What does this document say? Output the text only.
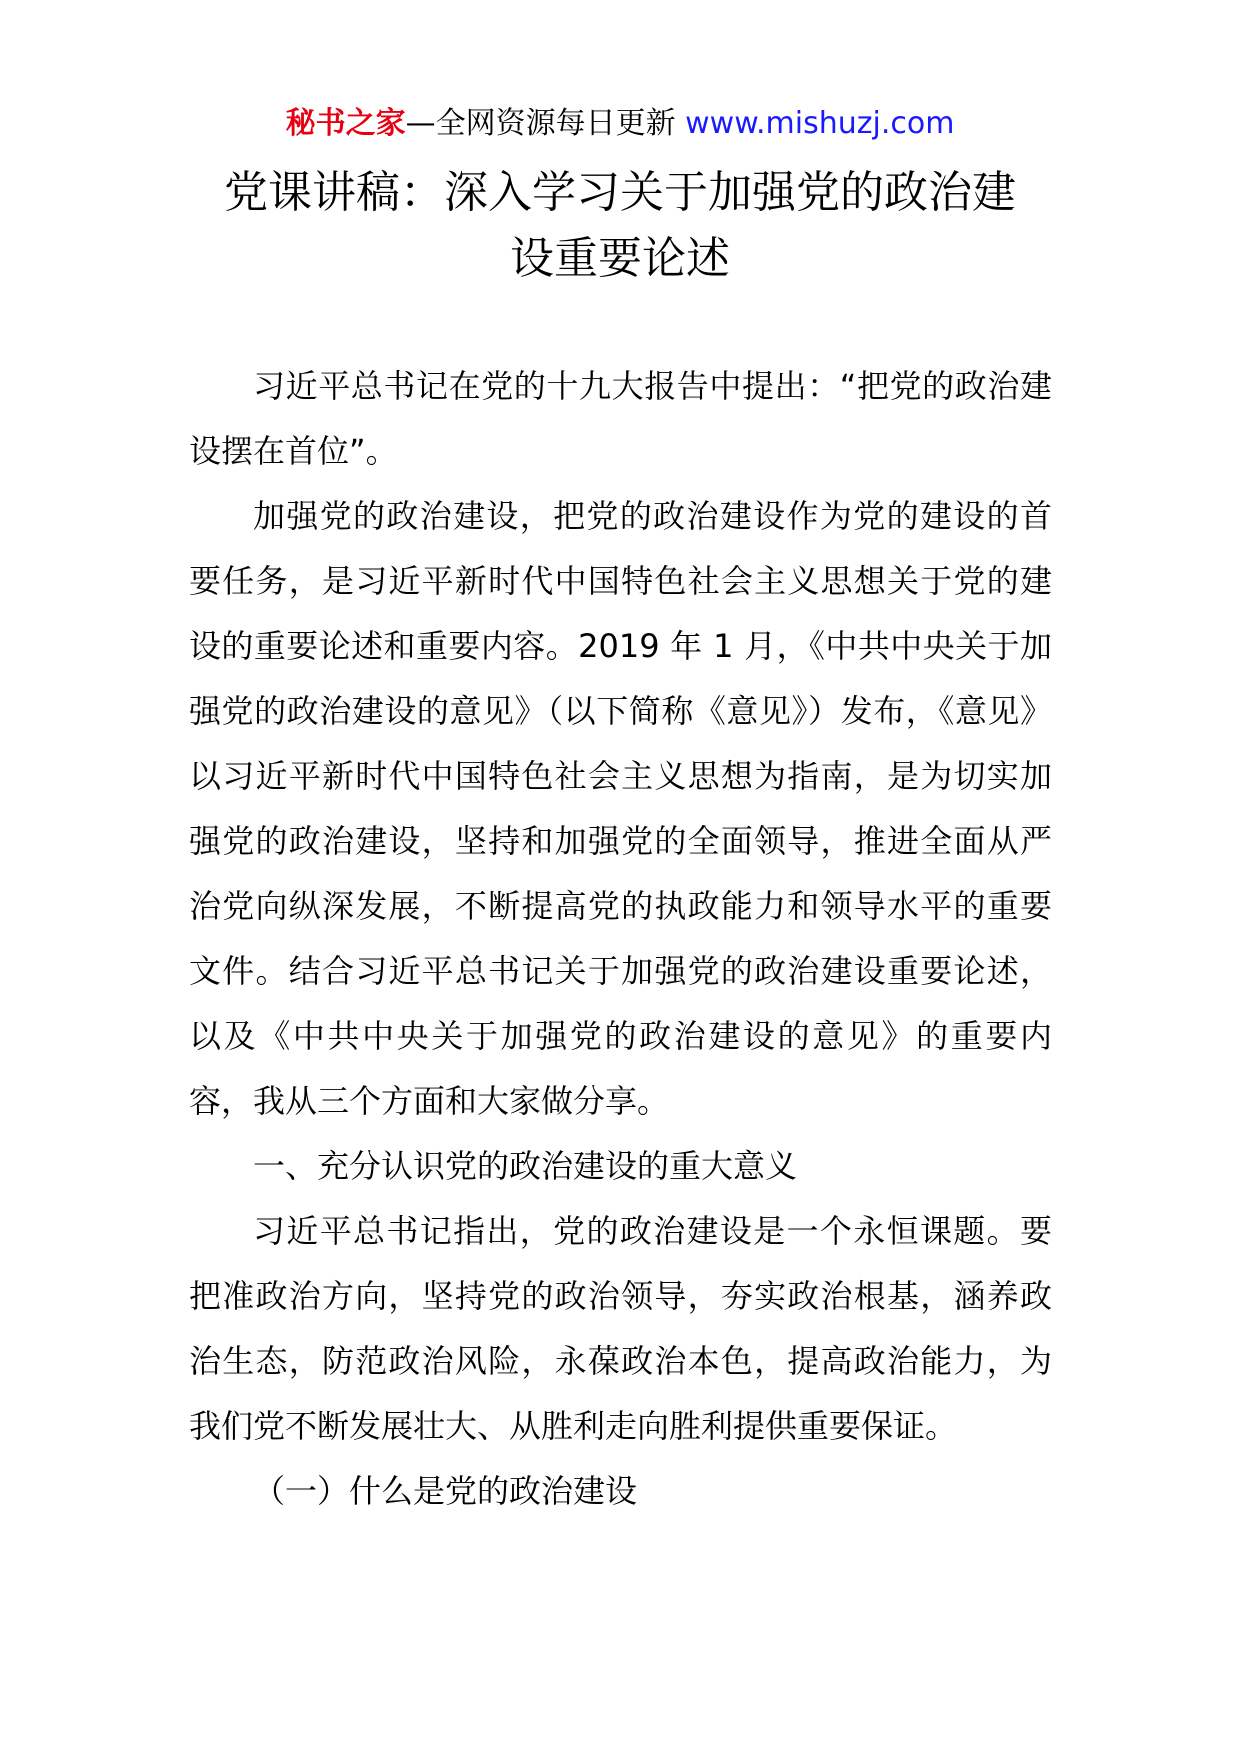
秘书之家—全网资源每日更新 www.mishuzj.com
党课讲稿：深入学习关于加强党的政治建
设重要论述

习近平总书记在党的十九大报告中提出：“把党的政治建设摆在首位”。

加强党的政治建设，把党的政治建设作为党的建设的首要任务，是习近平新时代中国特色社会主义思想关于党的建设的重要论述和重要内容。2019 年 1 月，《中共中央关于加强党的政治建设的意见》（以下简称《意见》）发布，《意见》以习近平新时代中国特色社会主义思想为指南，是为切实加强党的政治建设，坚持和加强党的全面领导，推进全面从严治党向纵深发展，不断提高党的执政能力和领导水平的重要文件。结合习近平总书记关于加强党的政治建设重要论述，以及《中共中央关于加强党的政治建设的意见》的重要内容，我从三个方面和大家做分享。

一、充分认识党的政治建设的重大意义

习近平总书记指出，党的政治建设是一个永恒课题。要把准政治方向，坚持党的政治领导，夯实政治根基，涵养政治生态，防范政治风险，永葆政治本色，提高政治能力，为我们党不断发展壮大、从胜利走向胜利提供重要保证。

（一）什么是党的政治建设
